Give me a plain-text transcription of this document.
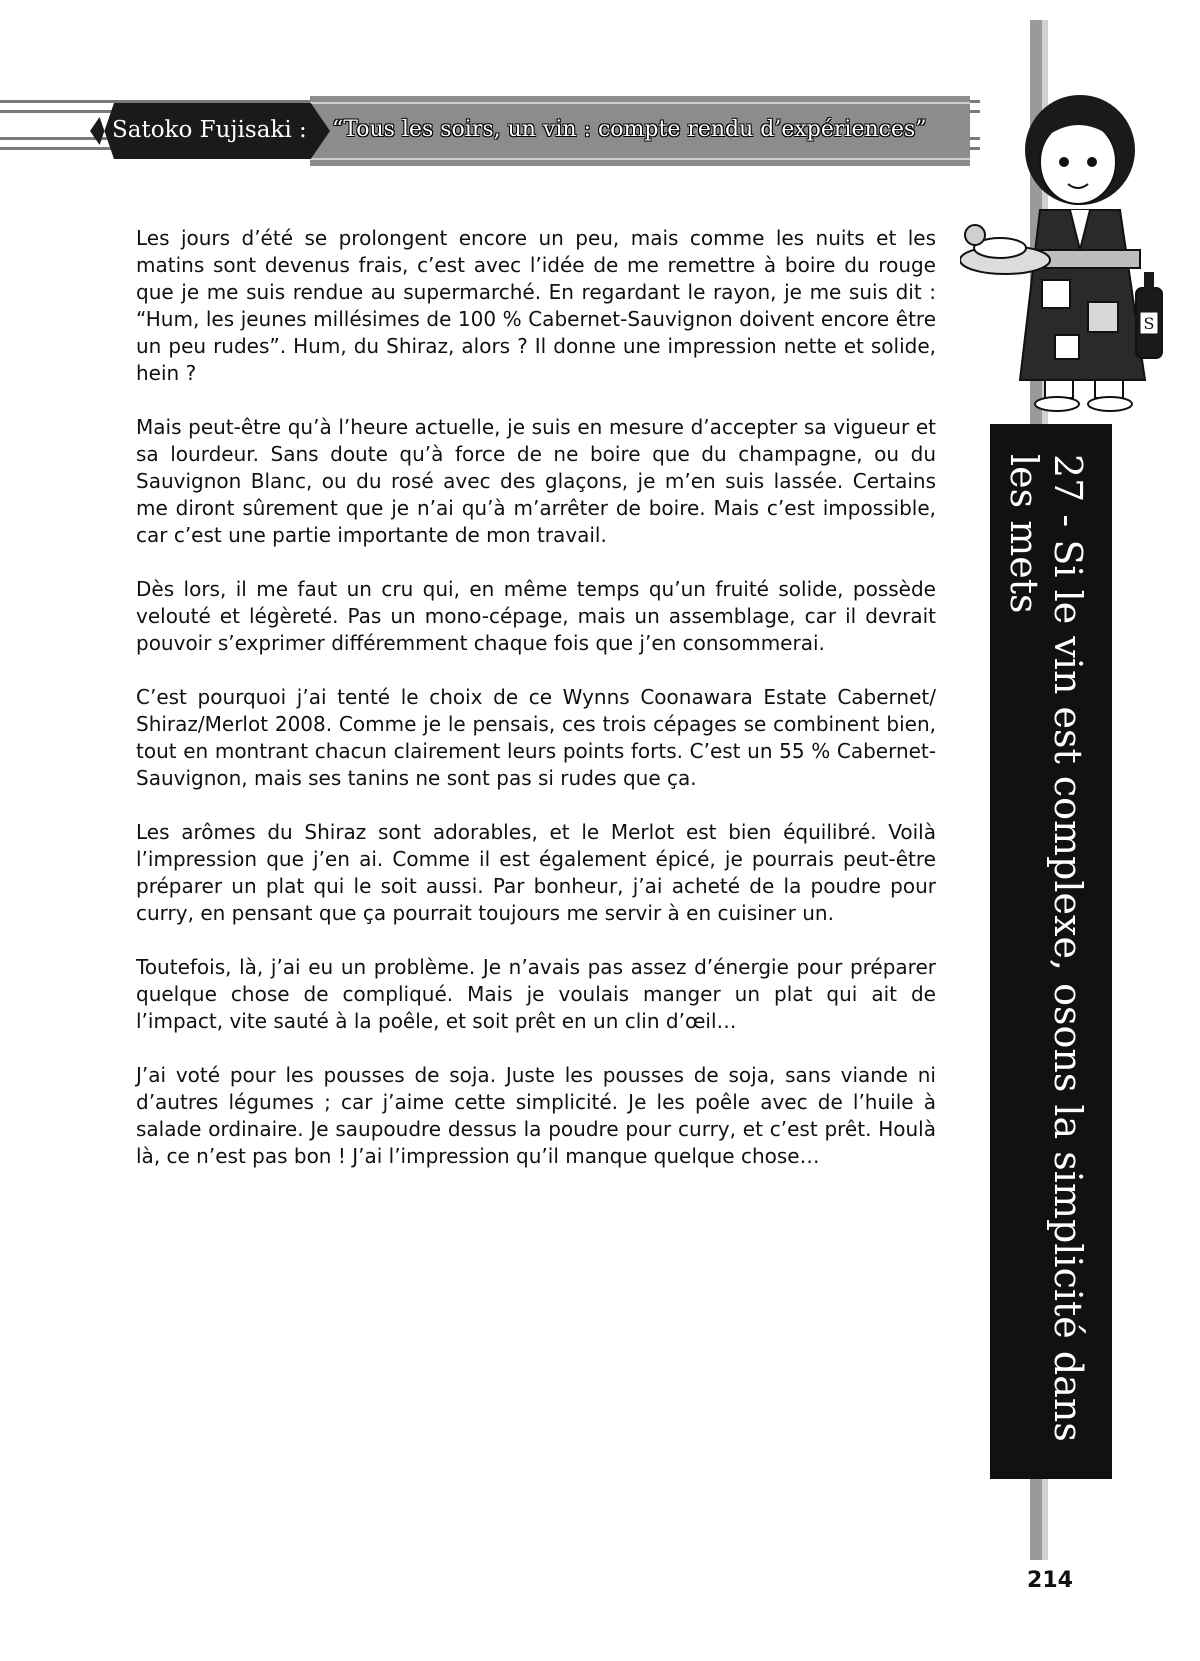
Satoko Fujisaki :	“Tous les soirs, un vin : compte rendu d’expériences”
27 - Si le vin est complexe, osons la simplicité dans les mets
S

Les jours d’été se prolongent encore un peu, mais comme les nuits et les matins sont devenus frais, c’est avec l’idée de me remettre à boire du rouge que je me suis rendue au supermarché. En regardant le rayon, je me suis dit : “Hum, les jeunes millésimes de 100 % Cabernet-Sauvignon doivent encore être un peu rudes”. Hum, du Shiraz, alors ? Il donne une impression nette et solide, hein ?

Mais peut-être qu’à l’heure actuelle, je suis en mesure d’accepter sa vigueur et sa lourdeur. Sans doute qu’à force de ne boire que du champagne, ou du Sauvignon Blanc, ou du rosé avec des glaçons, je m’en suis lassée. Certains me diront sûrement que je n’ai qu’à m’arrêter de boire. Mais c’est impossible, car c’est une partie importante de mon travail.

Dès lors, il me faut un cru qui, en même temps qu’un fruité solide, possède velouté et légèreté. Pas un mono-cépage, mais un assemblage, car il devrait pouvoir s’exprimer différemment chaque fois que j’en consommerai.

C’est pourquoi j’ai tenté le choix de ce Wynns Coonawara Estate Cabernet/ Shiraz/Merlot 2008. Comme je le pensais, ces trois cépages se combinent bien, tout en montrant chacun clairement leurs points forts. C’est un 55 % Cabernet-Sauvignon, mais ses tanins ne sont pas si rudes que ça.

Les arômes du Shiraz sont adorables, et le Merlot est bien équilibré. Voilà l’impression que j’en ai. Comme il est également épicé, je pourrais peut-être préparer un plat qui le soit aussi. Par bonheur, j’ai acheté de la poudre pour curry, en pensant que ça pourrait toujours me servir à en cuisiner un.

Toutefois, là, j’ai eu un problème. Je n’avais pas assez d’énergie pour préparer quelque chose de compliqué. Mais je voulais manger un plat qui ait de l’impact, vite sauté à la poêle, et soit prêt en un clin d’œil…

J’ai voté pour les pousses de soja. Juste les pousses de soja, sans viande ni d’autres légumes ; car j’aime cette simplicité. Je les poêle avec de l’huile à salade ordinaire. Je saupoudre dessus la poudre pour curry, et c’est prêt. Houlà là, ce n’est pas bon ! J’ai l’impression qu’il manque quelque chose…

214
